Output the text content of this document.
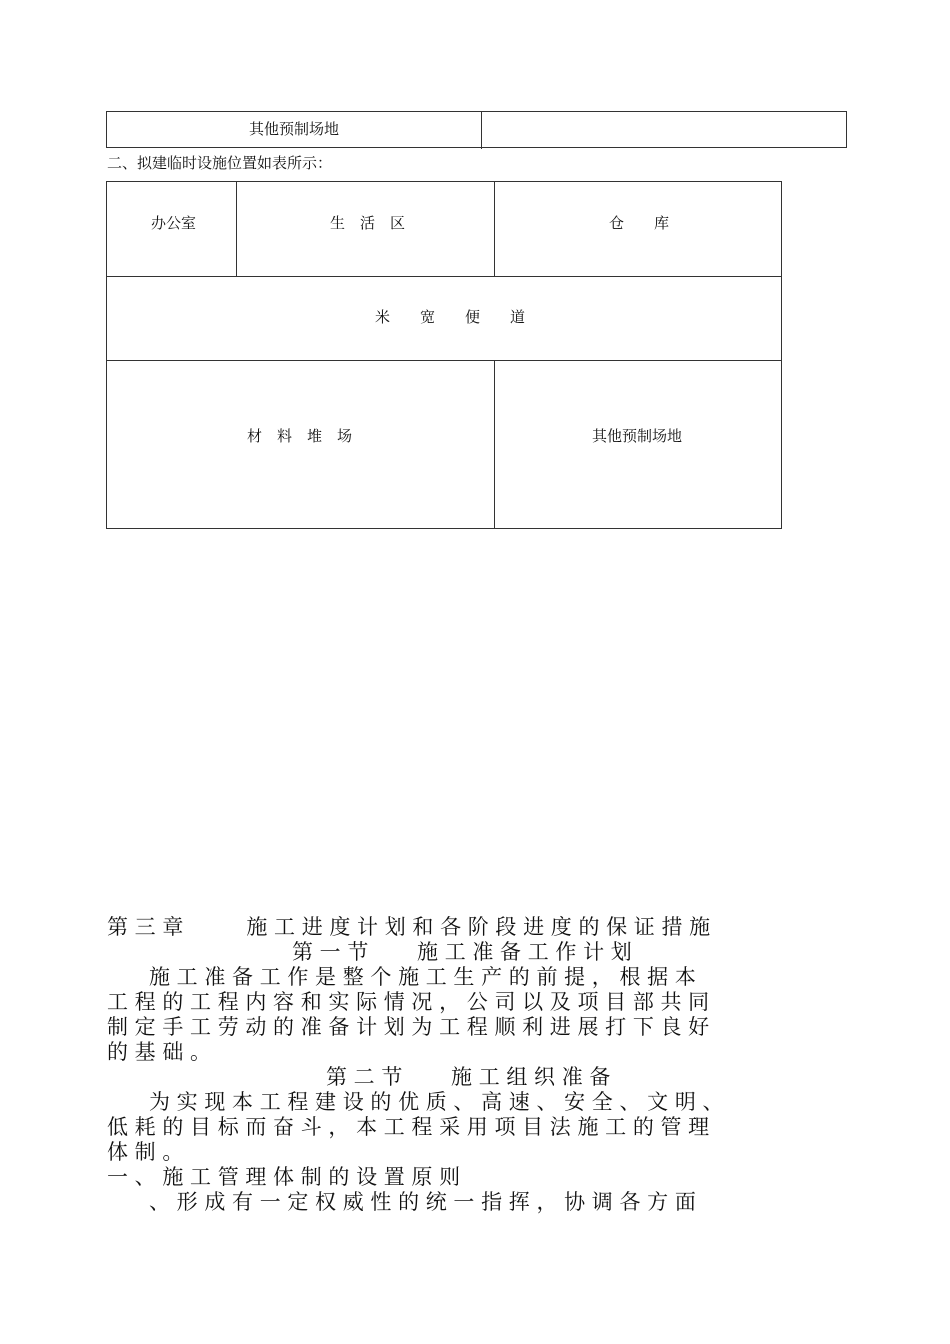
其他预制场地
二、拟建临时设施位置如表所示：
办公室	生　活　区	仓　　库
米　　宽　　便　　道
材　料　堆　场	其他预制场地
第 三 章　　　施 工 进 度 计 划 和 各 阶 段 进 度 的 保 证 措 施
第 一 节　　 施 工 准 备 工 作 计 划
　　施 工 准 备 工 作 是 整 个 施 工 生 产 的 前 提 ， 根 据 本
工 程 的 工 程 内 容 和 实 际 情 况 ， 公 司 以 及 项 目 部 共 同
制 定 手 工 劳 动 的 准 备 计 划 为 工 程 顺 利 进 展 打 下 良 好
的 基 础 。
第 二 节　　 施 工 组 织 准 备
　　为 实 现 本 工 程 建 设 的 优 质 、 高 速 、 安 全 、 文 明 、
低 耗 的 目 标 而 奋 斗 ， 本 工 程 采 用 项 目 法 施 工 的 管 理
体 制 。
一 、 施 工 管 理 体 制 的 设 置 原 则
　　、 形 成 有 一 定 权 威 性 的 统 一 指 挥 ， 协 调 各 方 面
